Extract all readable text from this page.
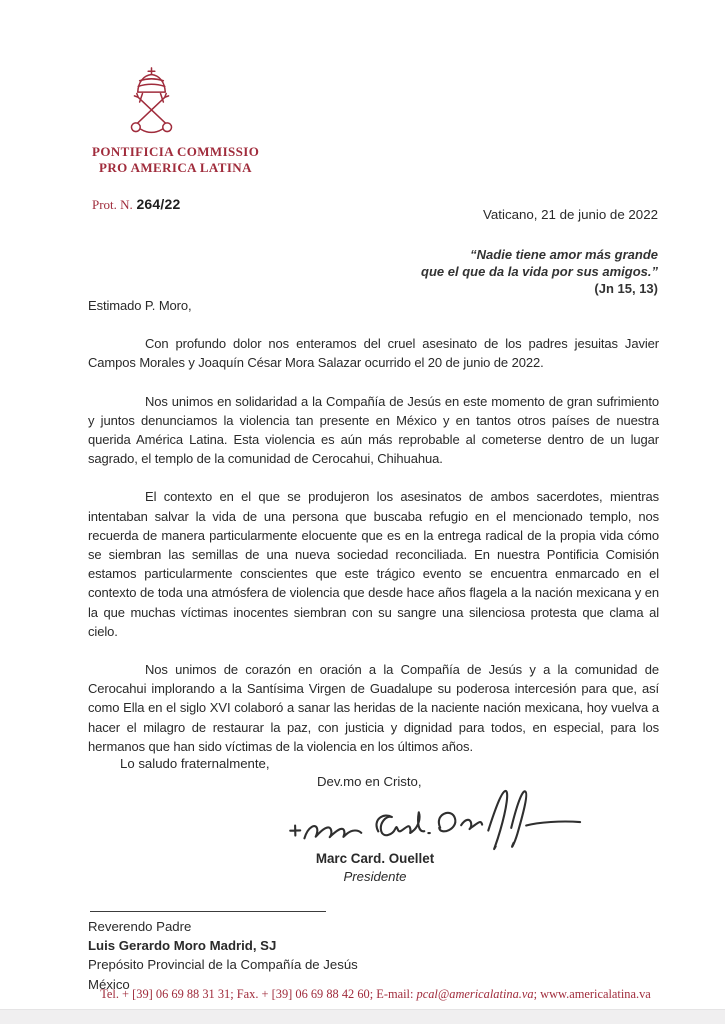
PONTIFICIA COMMISSIO
PRO AMERICA LATINA
Prot. N. 264/22
Vaticano, 21 de junio de 2022
“Nadie tiene amor más grande
que el que da la vida por sus amigos.”
(Jn 15, 13)
Estimado P. Moro,

Con profundo dolor nos enteramos del cruel asesinato de los padres jesuitas Javier Campos Morales y Joaquín César Mora Salazar ocurrido el 20 de junio de 2022.

Nos unimos en solidaridad a la Compañía de Jesús en este momento de gran sufrimiento y juntos denunciamos la violencia tan presente en México y en tantos otros países de nuestra querida América Latina. Esta violencia es aún más reprobable al cometerse dentro de un lugar sagrado, el templo de la comunidad de Cerocahui, Chihuahua.

El contexto en el que se produjeron los asesinatos de ambos sacerdotes, mientras intentaban salvar la vida de una persona que buscaba refugio en el mencionado templo, nos recuerda de manera particularmente elocuente que es en la entrega radical de la propia vida cómo se siembran las semillas de una nueva sociedad reconciliada. En nuestra Pontificia Comisión estamos particularmente conscientes que este trágico evento se encuentra enmarcado en el contexto de toda una atmósfera de violencia que desde hace años flagela a la nación mexicana y en la que muchas víctimas inocentes siembran con su sangre una silenciosa protesta que clama al cielo.

Nos unimos de corazón en oración a la Compañía de Jesús y a la comunidad de Cerocahui implorando a la Santísima Virgen de Guadalupe su poderosa intercesión para que, así como Ella en el siglo XVI colaboró a sanar las heridas de la naciente nación mexicana, hoy vuelva a hacer el milagro de restaurar la paz, con justicia y dignidad para todos, en especial, para los hermanos que han sido víctimas de la violencia en los últimos años.

Lo saludo fraternalmente,
Dev.mo en Cristo,
Marc Card. Ouellet
Presidente
Reverendo Padre
Luis Gerardo Moro Madrid, SJ
Prepósito Provincial de la Compañía de Jesús
México
Tel. + [39] 06 69 88 31 31; Fax. + [39] 06 69 88 42 60; E-mail: pcal@americalatina.va; www.americalatina.va
